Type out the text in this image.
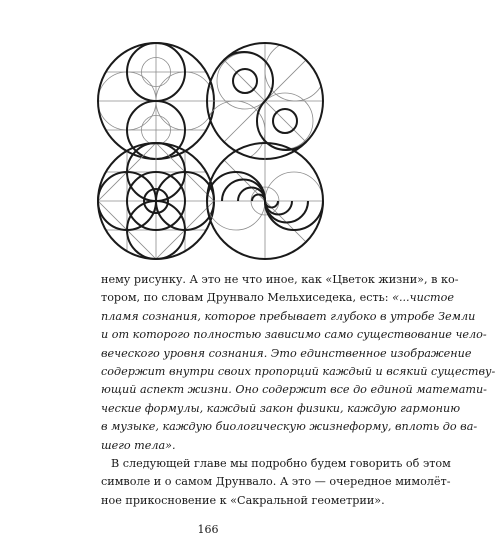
нему рисунку. А это не что иное, как «Цветок жизни», в ко-
тором, по словам Друнвало Мельхиседека, есть: «...чистое
пламя сознания, которое пребывает глубоко в утробе Земли
и от которого полностью зависимо само существование чело-
веческого уровня сознания. Это единственное изображение
содержит внутри своих пропорций каждый и всякий существу-
ющий аспект жизни. Оно содержит все до единой математи-
ческие формулы, каждый закон физики, каждую гармонию
в музыке, каждую биологическую жизнеформу, вплоть до ва-
шего тела».
В следующей главе мы подробно будем говорить об этом
символе и о самом Друнвало. А это — очередное мимолёт-
ное прикосновение к «Сакральной геометрии».
166
